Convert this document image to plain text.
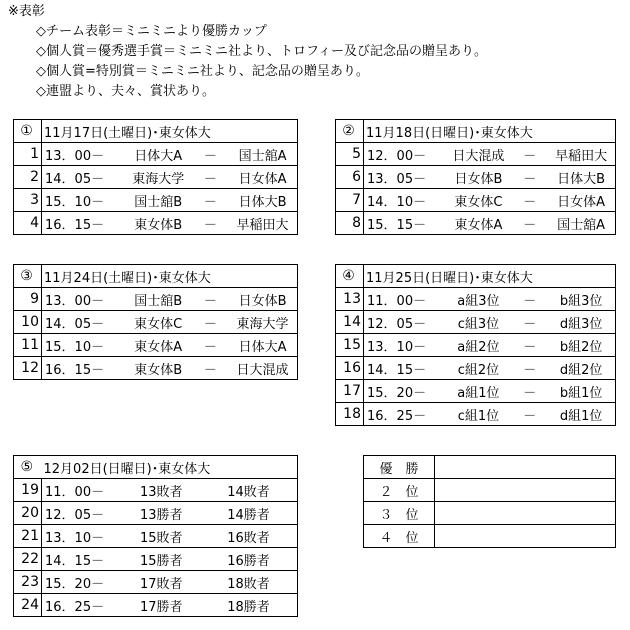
※表彰
◇チーム表彰＝ミニミニより優勝カップ
◇個人賞＝優秀選手賞＝ミニミニ社より、トロフィー及び記念品の贈呈あり。
◇個人賞=特別賞＝ミニミニ社より、記念品の贈呈あり。
◇連盟より、夫々、賞状あり。
①	11月17日(土曜日)･東女体大
1	13．00－ 日体大A － 国士舘A

2	14．05－ 東海大学 － 日女体A

3	15．10－ 国士舘B － 日体大B

4	16．15－ 東女体B － 早稲田大
②	11月18日(日曜日)･東女体大
5	12．00－ 日大混成 － 早稲田大

6	13．05－ 日女体B － 日体大B

7	14．10－ 東女体C － 日女体A

8	15．15－ 東女体A － 国士舘A
③	11月24日(土曜日)･東女体大
9	13．00－ 国士舘B － 日女体B

10	14．05－ 東女体C － 東海大学

11	15．10－ 東女体A － 日体大A

12	16．15－ 東女体B － 日大混成
④	11月25日(日曜日)･東女体大
13	11．00－ a組3位 － b組3位

14	12．05－ c組3位 － d組3位

15	13．10－ a組2位 － b組2位

16	14．15－ c組2位 － d組2位

17	15．20－ a組1位 － b組1位

18	16．25－ c組1位 － d組1位
⑤	12月02日(日曜日)･東女体大
19	11．00－ 13敗者 14敗者

20	12．05－ 13勝者 14勝者

21	13．10－ 15敗者 16敗者

22	14．15－ 15勝者 16勝者

23	15．20－ 17敗者 18敗者

24	16．25－ 17勝者 18勝者
優　勝	
２　位	
３　位	
４　位	
